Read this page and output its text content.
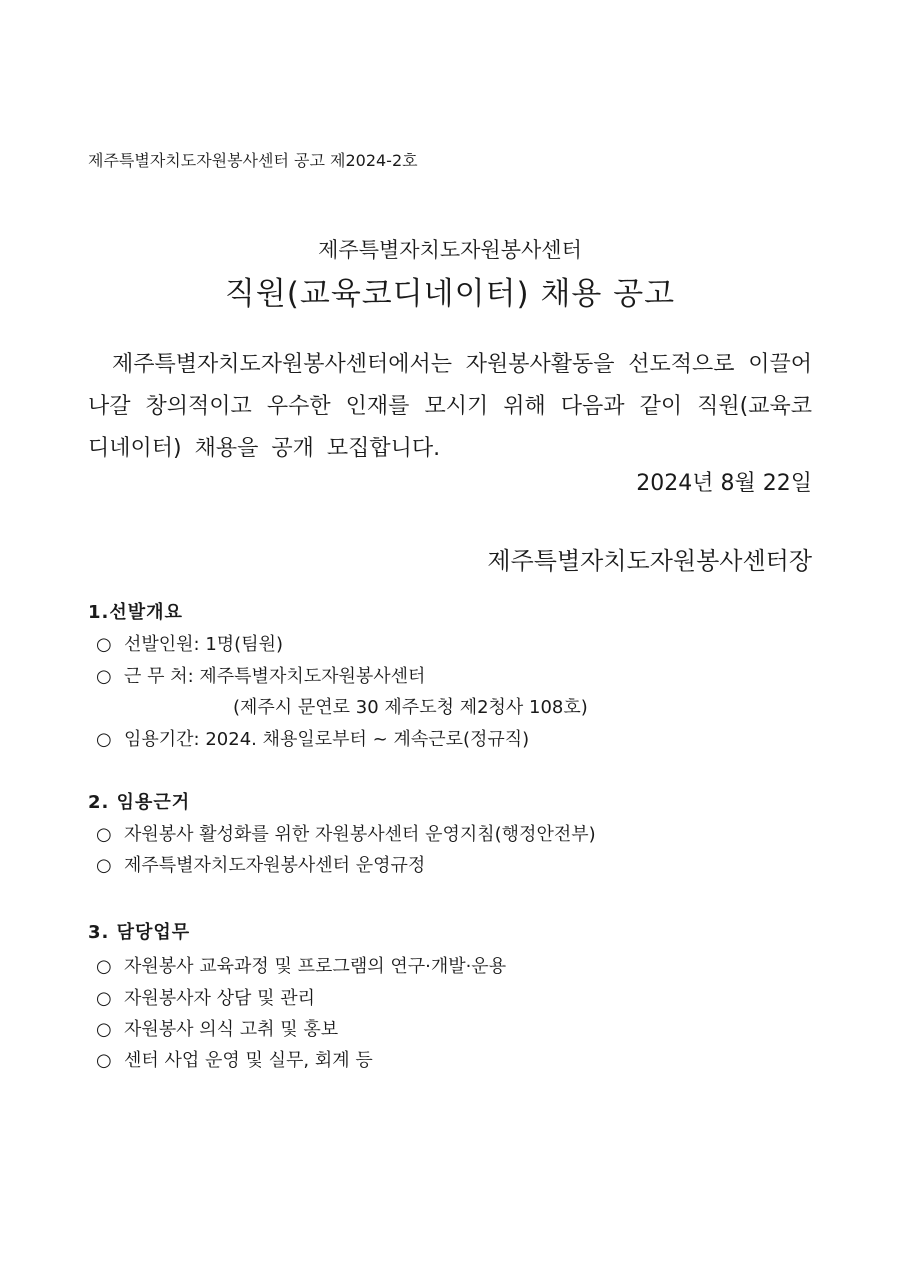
제주특별자치도자원봉사센터 공고 제2024-2호
제주특별자치도자원봉사센터
직원(교육코디네이터) 채용 공고
제주특별자치도자원봉사센터에서는 자원봉사활동을 선도적으로 이끌어 나갈 창의적이고 우수한 인재를 모시기 위해 다음과 같이 직원(교육코디네이터) 채용을 공개 모집합니다.
2024년 8월 22일
제주특별자치도자원봉사센터장
1.선발개요
○ 선발인원: 1명(팀원)
○ 근 무 처: 제주특별자치도자원봉사센터
(제주시 문연로 30 제주도청 제2청사 108호)
○ 임용기간: 2024. 채용일로부터 ~ 계속근로(정규직)
2. 임용근거
○ 자원봉사 활성화를 위한 자원봉사센터 운영지침(행정안전부)
○ 제주특별자치도자원봉사센터 운영규정
3. 담당업무
○ 자원봉사 교육과정 및 프로그램의 연구·개발·운용
○ 자원봉사자 상담 및 관리
○ 자원봉사 의식 고취 및 홍보
○ 센터 사업 운영 및 실무, 회계 등
